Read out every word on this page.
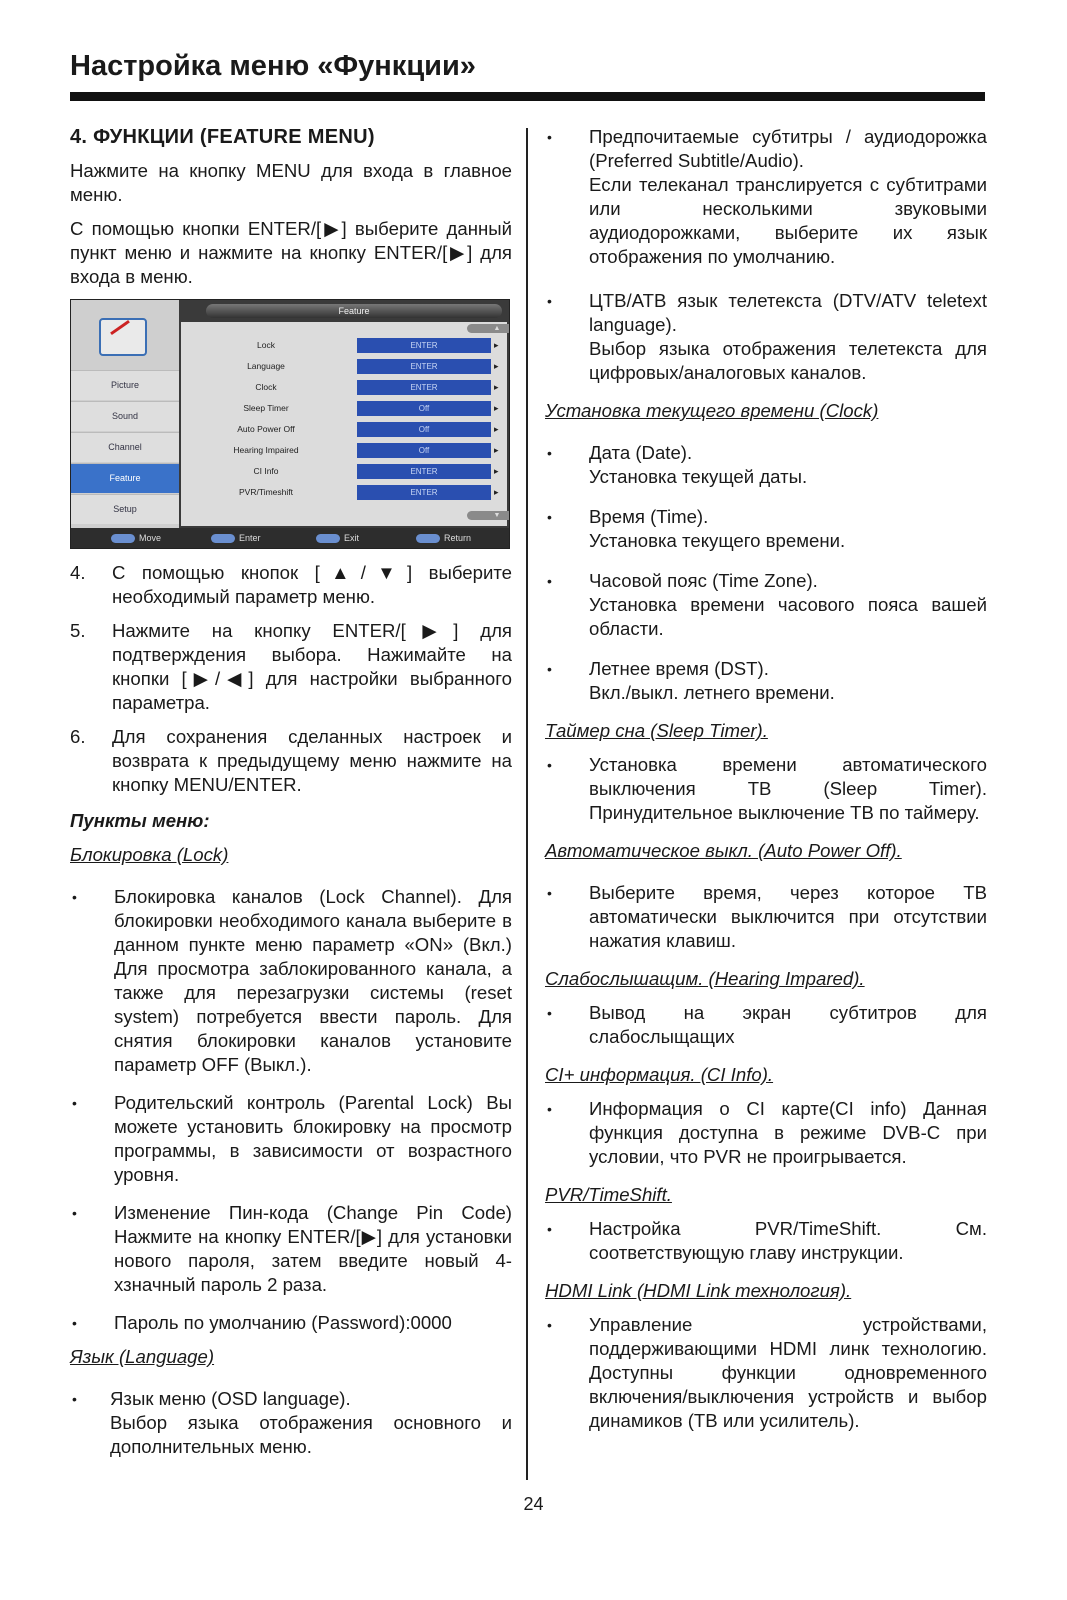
Настройка меню «Функции»
4. ФУНКЦИИ (FEATURE MENU)

Нажмите на кнопку MENU для входа в главное меню.

С помощью кнопки ENTER/[▶] выберите данный пункт меню и нажмите на кнопку ENTER/[▶] для входа в меню.

Picture
Sound
Channel
Feature
Setup
Feature
▲
Lock	ENTER	▸
Language	ENTER	▸
Clock	ENTER	▸
Sleep Timer	Off	▸
Auto Power Off	Off	▸
Hearing Impaired	Off	▸
CI Info	ENTER	▸
PVR/Timeshift	ENTER	▸
▼
Move	Enter	Exit	Return
4.	С помощью кнопок [▲/▼] выберите необходимый параметр меню.
5.	Нажмите на кнопку ENTER/[▶] для подтверждения выбора. Нажимайте на кнопки [▶/◀] для настройки выбранного параметра.
6.	Для сохранения сделанных настроек и возврата к предыдущему меню нажмите на кнопку MENU/ENTER.
Пункты меню:
Блокировка (Lock)
•	Блокировка каналов (Lock Channel). Для блокировки необходимого канала выберите в данном пункте меню параметр «ON» (Вкл.) Для просмотра заблокированного канала, а также для перезагрузки системы (reset system) потребуется ввести пароль. Для снятия блокировки каналов установите параметр OFF (Выкл.).
•	Родительский контроль (Parental Lock) Вы можете установить блокировку на просмотр программы, в зависимости от возрастного уровня.
•	Изменение Пин-кода (Change Pin Code) Нажмите на кнопку ENTER/[▶] для установки нового пароля, затем введите новый 4-хзначный пароль 2 раза.
•	Пароль по умолчанию (Password):0000
Язык (Language)
•	Язык меню (OSD language).
Выбор языка отображения основного и дополнительных меню.
•	Предпочитаемые субтитры / аудиодорожка (Preferred Subtitle/Audio).
Если телеканал транслируется с субтитрами или несколькими звуковыми аудиодорожками, выберите их язык отображения по умолчанию.
•	ЦТВ/АТВ язык телетекста (DTV/ATV teletext language).
Выбор языка отображения телетекста для цифровых/аналоговых каналов.
Установка текущего времени (Clock)
•	Дата (Date).
Установка текущей даты.
•	Время (Time).
Установка текущего времени.
•	Часовой пояс (Time Zone).
Установка времени часового пояса вашей области.
•	Летнее время (DST).
Вкл./выкл. летнего времени.
Таймер сна (Sleep Timer).
•	Установка времени автоматического выключения ТВ (Sleep Timer). Принудительное выключение ТВ по таймеру.
Автоматическое выкл. (Auto Power Off).
•	Выберите время, через которое ТВ автоматически выключится при отсутствии нажатия клавиш.
Слабослышащим. (Hearing Impared).
•	Вывод на экран субтитров для слабослыщащих
CI+ информация. (CI Info).
•	Информация о CI карте(CI info) Данная функция доступна в режиме DVB-C при условии, что PVR не проигрывается.
PVR/TimeShift.
•	Настройка PVR/TimeShift. См. соответствующую главу инструкции.
HDMI Link (HDMI Link технология).
•	Управление устройствами, поддерживающими HDMI линк технологию. Доступны функции одновременного включения/выключения устройств и выбор динамиков (ТВ или усилитель).
24
